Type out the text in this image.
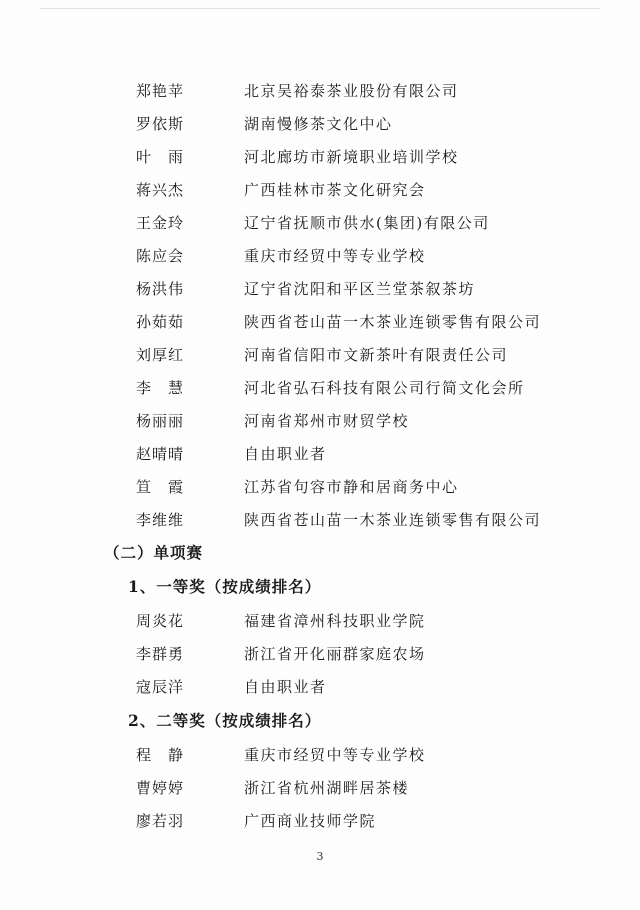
郑艳苹	北京吴裕泰茶业股份有限公司
罗依斯	湖南慢修茶文化中心
叶　雨	河北廊坊市新境职业培训学校
蒋兴杰	广西桂林市茶文化研究会
王金玲	辽宁省抚顺市供水(集团)有限公司
陈应会	重庆市经贸中等专业学校
杨洪伟	辽宁省沈阳和平区兰堂茶叙茶坊
孙茹茹	陕西省苍山苗一木茶业连锁零售有限公司
刘厚红	河南省信阳市文新茶叶有限责任公司
李　慧	河北省弘石科技有限公司行简文化会所
杨丽丽	河南省郑州市财贸学校
赵晴晴	自由职业者
笪　霞	江苏省句容市静和居商务中心
李维维	陕西省苍山苗一木茶业连锁零售有限公司
（二）单项赛
1、一等奖（按成绩排名）
周炎花	福建省漳州科技职业学院
李群勇	浙江省开化丽群家庭农场
寇辰洋	自由职业者
2、二等奖（按成绩排名）
程　静	重庆市经贸中等专业学校
曹婷婷	浙江省杭州湖畔居茶楼
廖若羽	广西商业技师学院
3
